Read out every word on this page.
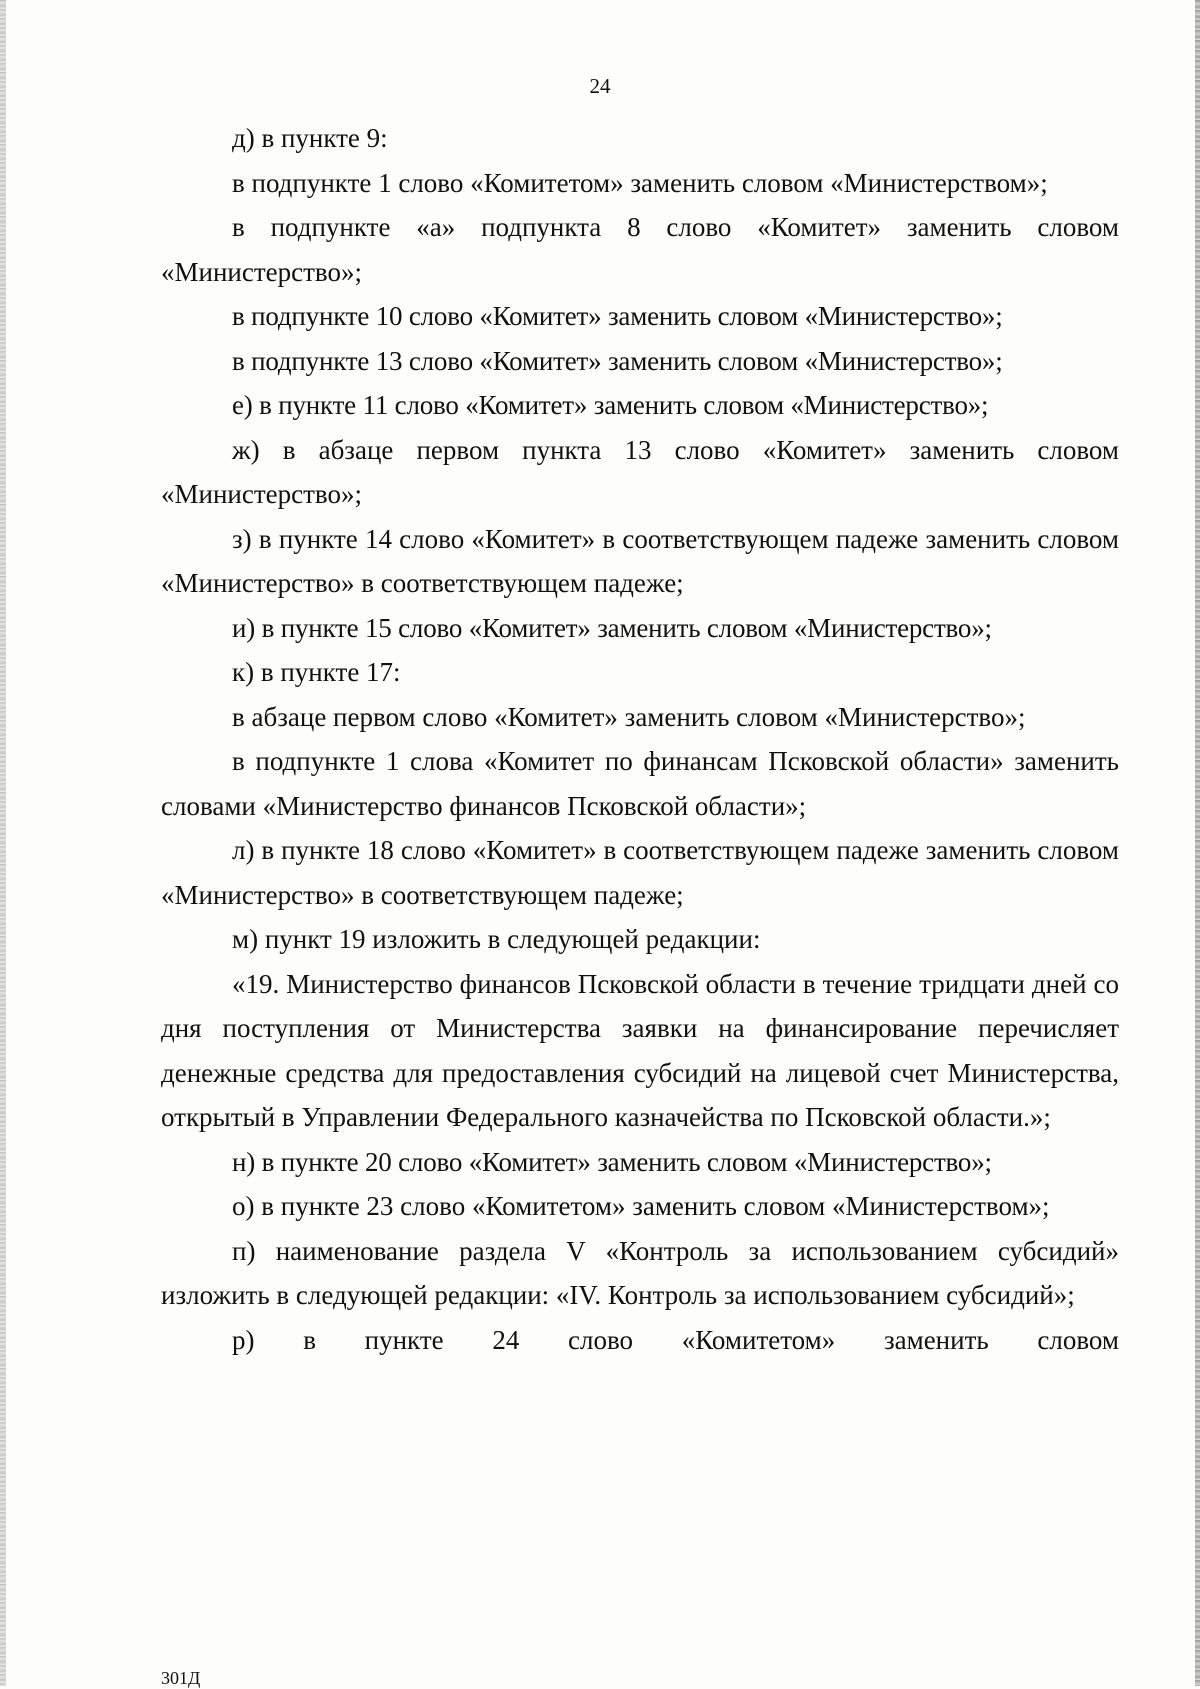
24

д) в пункте 9:

в подпункте 1 слово «Комитетом» заменить словом «Министерством»;

в подпункте «а» подпункта 8 слово «Комитет» заменить словом «Министерство»;

в подпункте 10 слово «Комитет» заменить словом «Министерство»;

в подпункте 13 слово «Комитет» заменить словом «Министерство»;

е) в пункте 11 слово «Комитет» заменить словом «Министерство»;

ж) в абзаце первом пункта 13 слово «Комитет» заменить словом «Министерство»;

з) в пункте 14 слово «Комитет» в соответствующем падеже заменить словом «Министерство» в соответствующем падеже;

и) в пункте 15 слово «Комитет» заменить словом «Министерство»;

к) в пункте 17:

в абзаце первом слово «Комитет» заменить словом «Министерство»;

в подпункте 1 слова «Комитет по финансам Псковской области» заменить словами «Министерство финансов Псковской области»;

л) в пункте 18 слово «Комитет» в соответствующем падеже заменить словом «Министерство» в соответствующем падеже;

м) пункт 19 изложить в следующей редакции:

«19. Министерство финансов Псковской области в течение тридцати дней со дня поступления от Министерства заявки на финансирование перечисляет денежные средства для предоставления субсидий на лицевой счет Министерства, открытый в Управлении Федерального казначейства по Псковской области.»;

н) в пункте 20 слово «Комитет» заменить словом «Министерство»;

о) в пункте 23 слово «Комитетом» заменить словом «Министерством»;

п) наименование раздела V «Контроль за использованием субсидий» изложить в следующей редакции: «IV. Контроль за использованием субсидий»;

р) в пункте 24 слово «Комитетом» заменить словом

301Д
